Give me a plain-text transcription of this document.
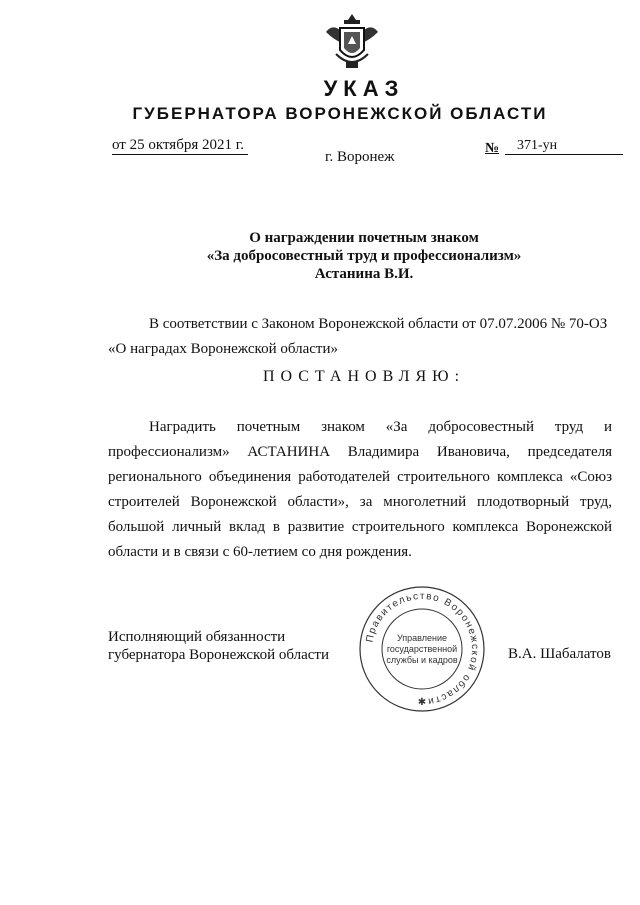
УКАЗ
ГУБЕРНАТОРА ВОРОНЕЖСКОЙ ОБЛАСТИ
от 25 октября 2021 г.	№	371-ун
г. Воронеж
О награждении почетным знаком
«За добросовестный труд и профессионализм»
Астанина В.И.
В соответствии с Законом Воронежской области от 07.07.2006 № 70-ОЗ
«О наградах Воронежской области»
ПОСТАНОВЛЯЮ:
Наградить почетным знаком «За добросовестный труд и
профессионализм» АСТАНИНА Владимира Ивановича, председателя
регионального объединения работодателей строительного комплекса «Союз
строителей Воронежской области», за многолетний плодотворный труд,
большой личный вклад в развитие строительного комплекса Воронежской
области и в связи с 60-летием со дня рождения.
Исполняющий обязанности
губернатора Воронежской области	В.А. Шабалатов
Правительство Воронежской области
Управление
государственной
службы и кадров
✱
